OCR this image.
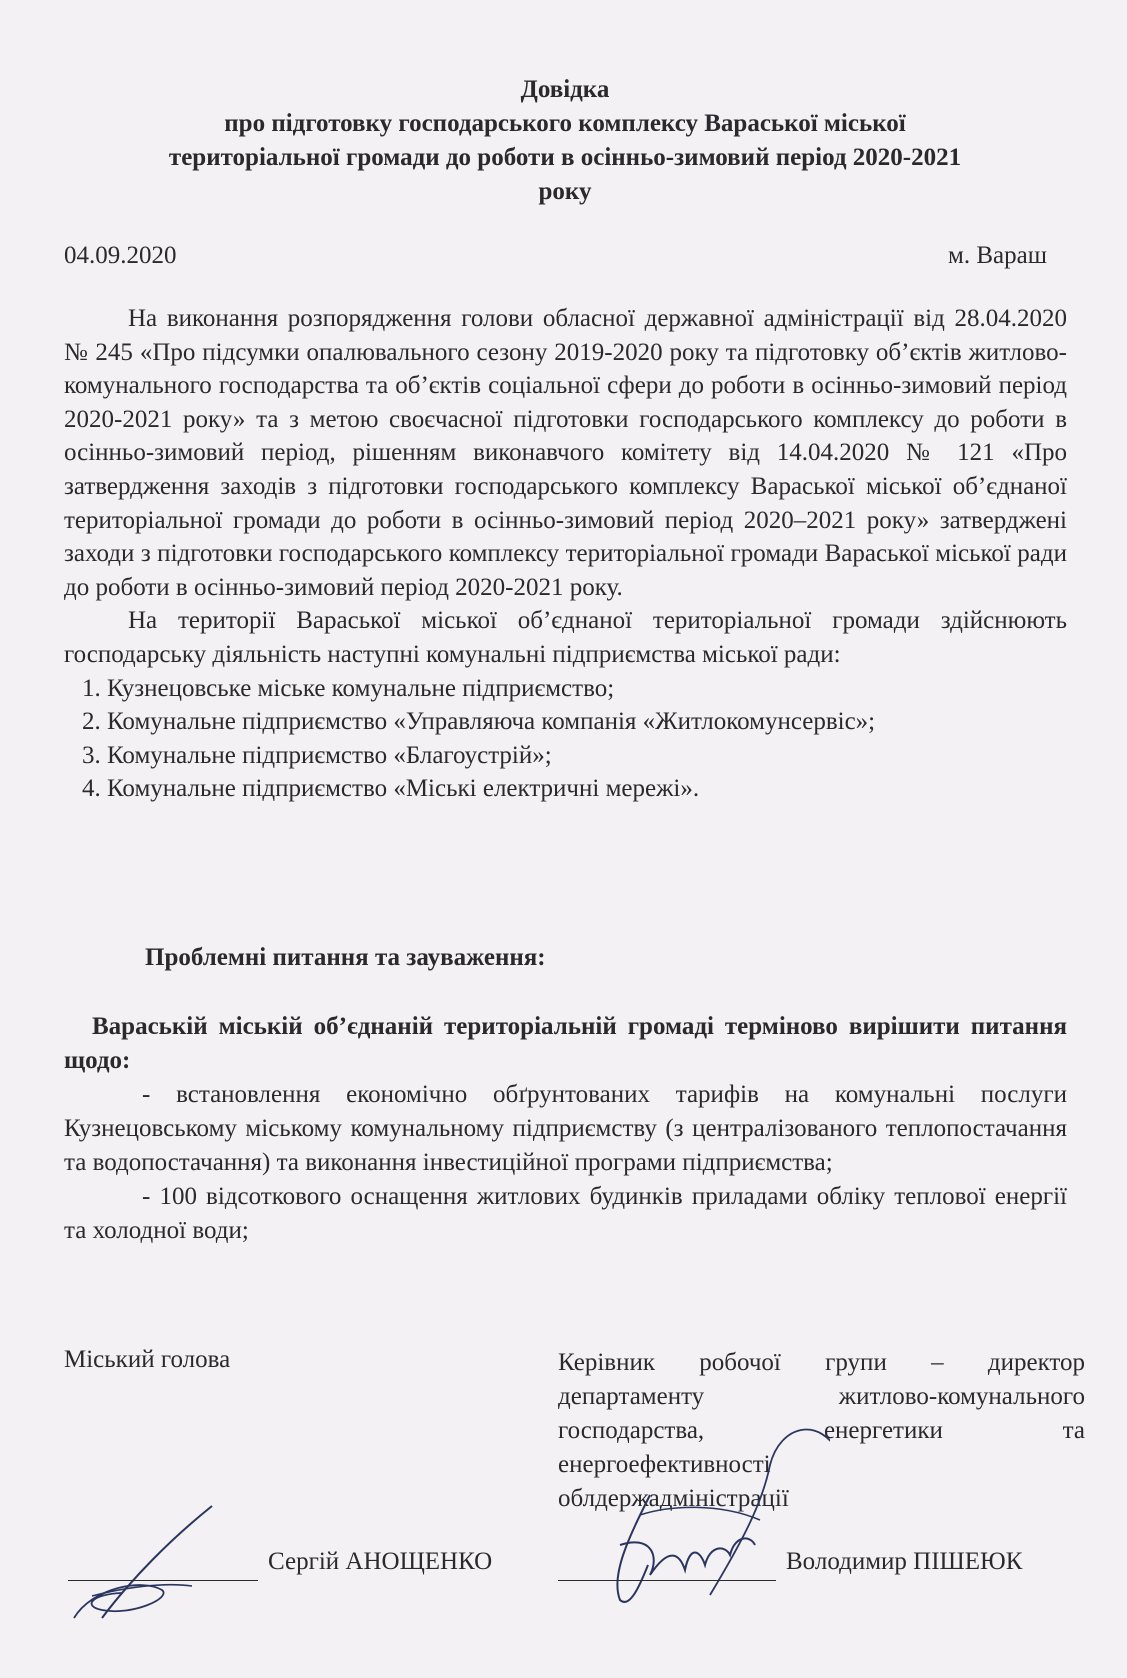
Довідка
про підготовку господарського комплексу Вараської міської
територіальної громади до роботи в осінньо-зимовий період 2020-2021
року
04.09.2020	м. Вараш

На виконання розпорядження голови обласної державної адміністрації від 28.04.2020 № 245 «Про підсумки опалювального сезону 2019-2020 року та підготовку об’єктів житлово-комунального господарства та об’єктів соціальної сфери до роботи в осінньо-зимовий період 2020-2021 року» та з метою своєчасної підготовки господарського комплексу до роботи в осінньо-зимовий період, рішенням виконавчого комітету від 14.04.2020 № 121 «Про затвердження заходів з підготовки господарського комплексу Вараської міської об’єднаної територіальної громади до роботи в осінньо-зимовий період 2020–2021 року» затверджені заходи з підготовки господарського комплексу територіальної громади Вараської міської ради до роботи в осінньо-зимовий період 2020-2021 року.

На території Вараської міської об’єднаної територіальної громади здійснюють господарську діяльність наступні комунальні підприємства міської ради:

1. Кузнецовське міське комунальне підприємство;
2. Комунальне підприємство «Управляюча компанія «Житлокомунсервіс»;
3. Комунальне підприємство «Благоустрій»;
4. Комунальне підприємство «Міські електричні мережі».
Проблемні питання та зауваження:

Вараській міській об’єднаній територіальній громаді терміново вирішити питання щодо:

- встановлення економічно обґрунтованих тарифів на комунальні послуги Кузнецовському міському комунальному підприємству (з централізованого теплопостачання та водопостачання) та виконання інвестиційної програми підприємства;

- 100 відсоткового оснащення житлових будинків приладами обліку теплової енергії та холодної води;

Міський голова	Керівник робочої групи – директор
департаменту житлово-комунального
господарства, енергетики та
енергоефективності
облдержадміністрації
Сергій АНОЩЕНКО	Володимир ПІШЕЮК
